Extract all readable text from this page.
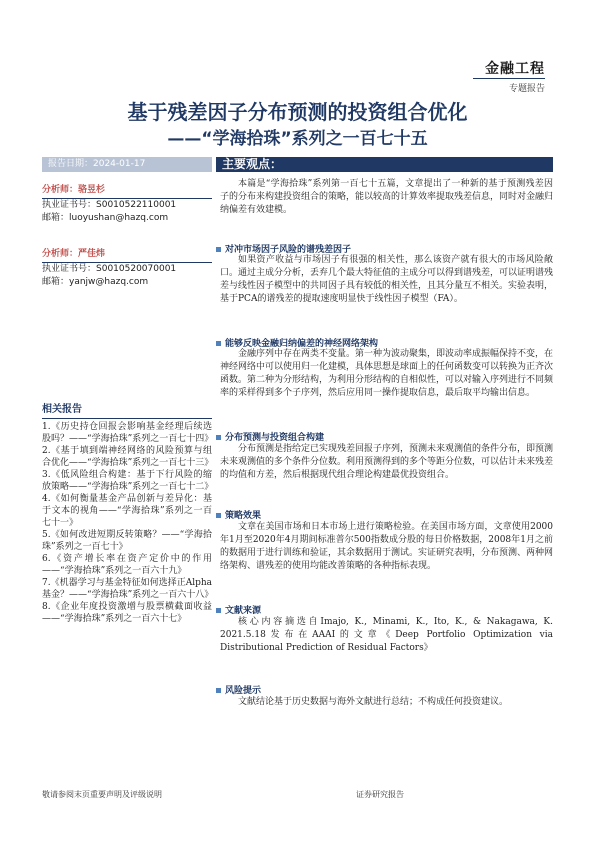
金融工程
专题报告
基于残差因子分布预测的投资组合优化
——“学海拾珠”系列之一百七十五
报告日期：2024-01-17	主要观点：
分析师：骆昱杉
执业证书号：S0010522110001
邮箱：luoyushan@hazq.com
分析师：严佳炜
执业证书号：S0010520070001
邮箱：yanjw@hazq.com
相关报告
1.《历史持仓回报会影响基金经理后续选股吗？——“学海拾珠”系列之一百七十四》
2.《基于填到端神经网络的风险预算与组合优化——“学海拾珠”系列之一百七十三》
3.《低风险组合构建：基于下行风险的缩放策略——“学海拾珠”系列之一百七十二》
4.《如何衡量基金产品创新与差异化：基于文本的视角——“学海拾珠”系列之一百七十一》
5.《如何改进短期反转策略？——“学海拾珠”系列之一百七十》
6.《资产增长率在资产定价中的作用——“学海拾珠”系列之一百六十九》
7.《机器学习与基金特征如何选择正Alpha基金？——“学海拾珠”系列之一百六十八》
8.《企业年度投资激增与股票横截面收益——“学海拾珠”系列之一百六十七》
本篇是“学海拾珠”系列第一百七十五篇，文章提出了一种新的基于预测残差因子的分布来构建投资组合的策略，能以较高的计算效率提取残差信息，同时对金融归纳偏差有效建模。
对冲市场因子风险的谱残差因子
如果资产收益与市场因子有很强的相关性，那么该资产就有很大的市场风险敞口。通过主成分分析，丢弃几个最大特征值的主成分可以得到谱残差，可以证明谱残差与线性因子模型中的共同因子具有较低的相关性，且其分量互不相关。实验表明，基于PCA的谱残差的提取速度明显快于线性因子模型（FA）。
能够反映金融归纳偏差的神经网络架构
金融序列中存在两类不变量。第一种为波动聚集，即波动率成振幅保持不变，在神经网络中可以使用归一化建模，具体思想是球面上的任何函数变可以转换为正齐次函数。第二种为分形结构，为利用分形结构的自相似性，可以对输入序列进行不同频率的采样得到多个子序列，然后应用同一操作提取信息，最后取平均输出信息。
分布预测与投资组合构建
分布预测是指给定已实现残差回报子序列，预测未来观测值的条件分布，即预测未来观测值的多个条件分位数。利用预测得到的多个等距分位数，可以估计未来残差的均值和方差，然后根据现代组合理论构建最优投资组合。
策略效果
文章在美国市场和日本市场上进行策略检验。在美国市场方面，文章使用2000年1月至2020年4月期间标准普尔500指数成分股的每日价格数据，2008年1月之前的数据用于进行训练和验证，其余数据用于测试。实证研究表明，分布预测、两种网络架构、谱残差的使用均能改善策略的各种指标表现。
文献来源
核心内容摘选自Imajo, K., Minami, K., Ito, K., & Nakagawa, K. 2021.5.18发布在AAAI的文章《Deep Portfolio Optimization via Distributional Prediction of Residual Factors》
风险提示
文献结论基于历史数据与海外文献进行总结；不构成任何投资建议。
敬请参阅末页重要声明及评级说明	证券研究报告
